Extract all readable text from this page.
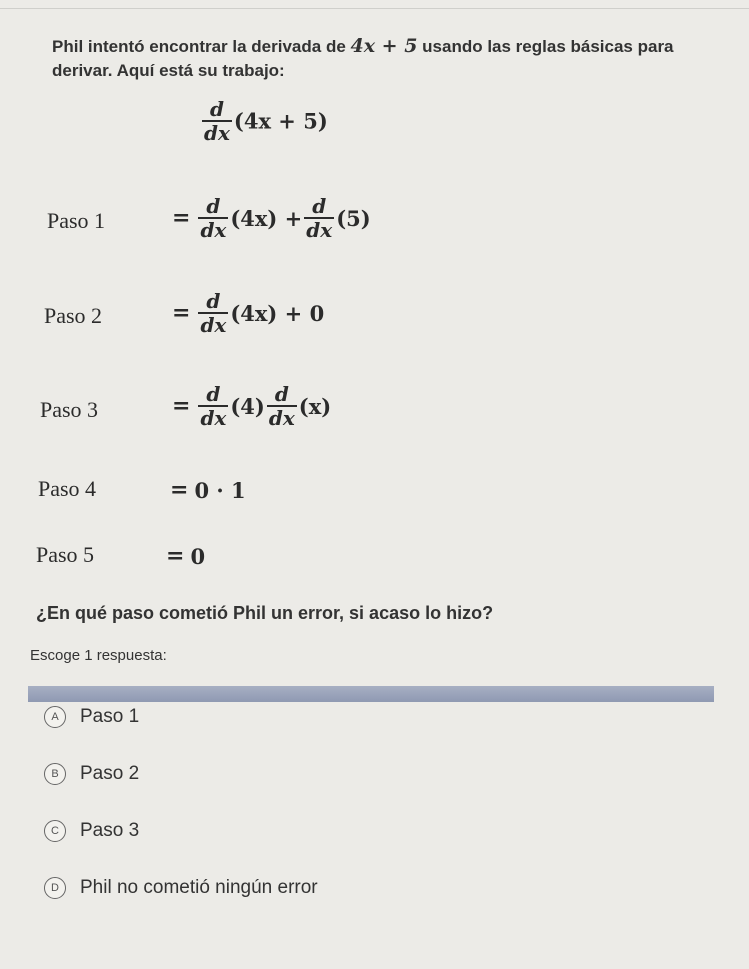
Phil intentó encontrar la derivada de 4x + 5 usando las reglas básicas para derivar. Aquí está su trabajo:
$\frac{d}{dx} (4x + 5)$
Paso 1	= $\frac{d}{dx} (4x) + \frac{d}{dx} (5)$
Paso 2	= $\frac{d}{dx} (4x) + 0$
Paso 3	= $\frac{d}{dx} (4) \frac{d}{dx} (x)$
Paso 4	= 0 · 1
Paso 5	= 0
¿En qué paso cometió Phil un error, si acaso lo hizo?
Escoge 1 respuesta:
A	Paso 1
B	Paso 2
C	Paso 3
D	Phil no cometió ningún error
